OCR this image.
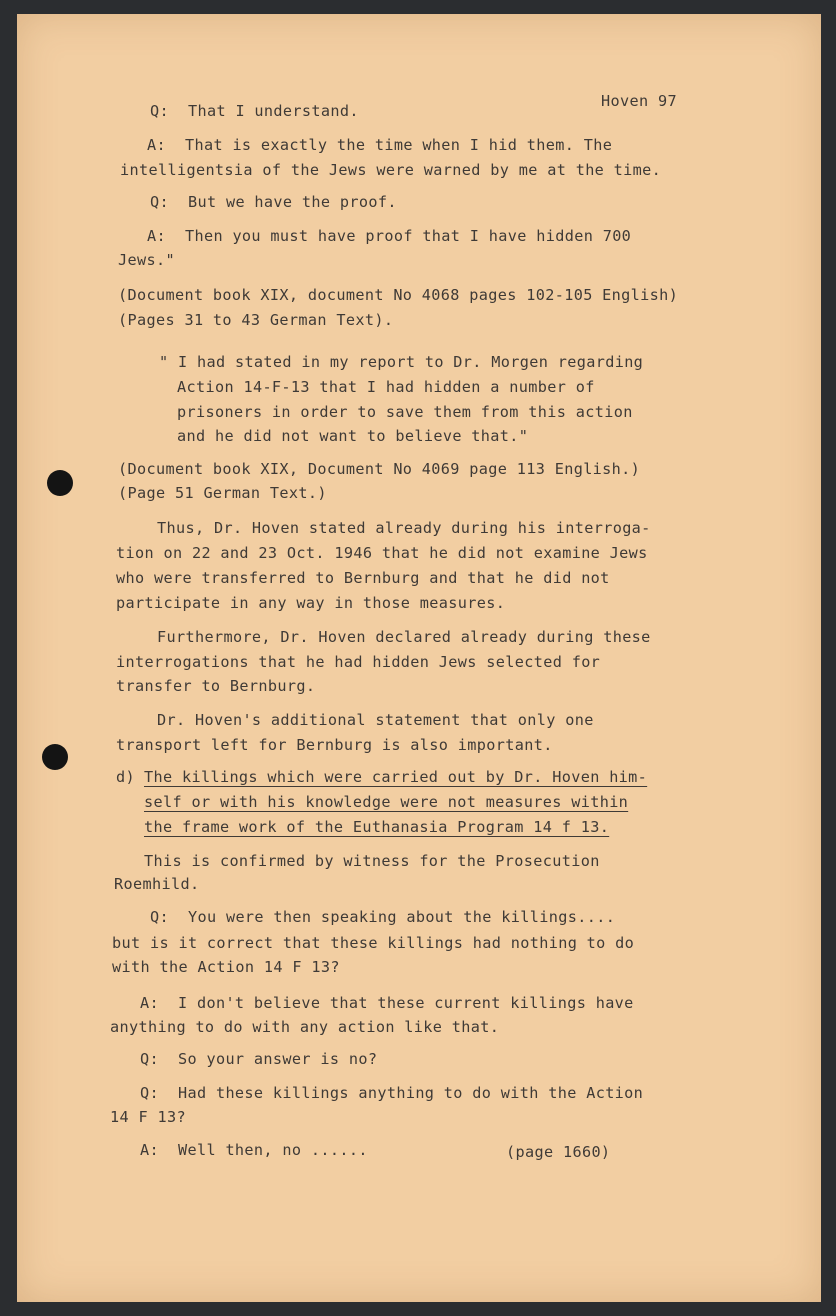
Hoven 97
Q:  That I understand.
A:  That is exactly the time when I hid them. The
intelligentsia of the Jews were warned by me at the time.
Q:  But we have the proof.
A:  Then you must have proof that I have hidden 700
Jews."
(Document book XIX, document No 4068 pages 102-105 English)
(Pages 31 to 43 German Text).
" I had stated in my report to Dr. Morgen regarding
Action 14-F-13 that I had hidden a number of
prisoners in order to save them from this action
and he did not want to believe that."
(Document book XIX, Document No 4069 page 113 English.)
(Page 51 German Text.)
Thus, Dr. Hoven stated already during his interroga-
tion on 22 and 23 Oct. 1946 that he did not examine Jews
who were transferred to Bernburg and that he did not
participate in any way in those measures.
Furthermore, Dr. Hoven declared already during these
interrogations that he had hidden Jews selected for
transfer to Bernburg.
Dr. Hoven's additional statement that only one
transport left for Bernburg is also important.
d) The killings which were carried out by Dr. Hoven him-
self or with his knowledge were not measures within
the frame work of the Euthanasia Program 14 f 13.
This is confirmed by witness for the Prosecution
Roemhild.
Q:  You were then speaking about the killings....
but is it correct that these killings had nothing to do
with the Action 14 F 13?
A:  I don't believe that these current killings have
anything to do with any action like that.
Q:  So your answer is no?
Q:  Had these killings anything to do with the Action
14 F 13?
A:  Well then, no ......	(page 1660)
